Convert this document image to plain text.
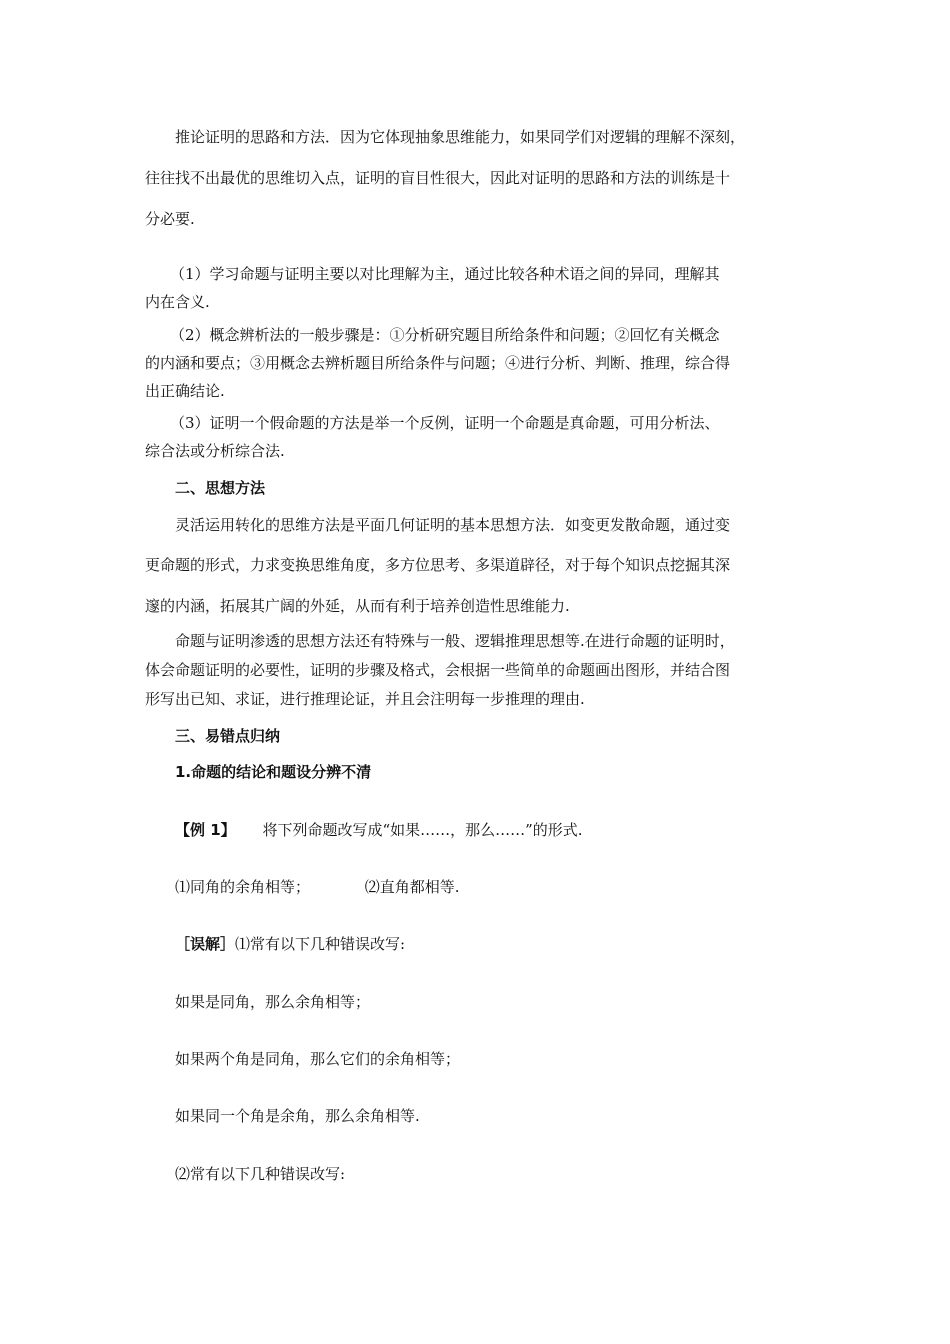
推论证明的思路和方法．因为它体现抽象思维能力，如果同学们对逻辑的理解不深刻，
往往找不出最优的思维切入点，证明的盲目性很大，因此对证明的思路和方法的训练是十
分必要.
（1）学习命题与证明主要以对比理解为主，通过比较各种术语之间的异同，理解其
内在含义.
（2）概念辨析法的一般步骤是：①分析研究题目所给条件和问题；②回忆有关概念
的内涵和要点；③用概念去辨析题目所给条件与问题；④进行分析、判断、推理，综合得
出正确结论.
（3）证明一个假命题的方法是举一个反例，证明一个命题是真命题，可用分析法、
综合法或分析综合法.
二、思想方法
灵活运用转化的思维方法是平面几何证明的基本思想方法．如变更发散命题，通过变
更命题的形式，力求变换思维角度，多方位思考、多渠道辟径，对于每个知识点挖掘其深
邃的内涵，拓展其广阔的外延，从而有利于培养创造性思维能力.
命题与证明渗透的思想方法还有特殊与一般、逻辑推理思想等.在进行命题的证明时，
体会命题证明的必要性，证明的步骤及格式，会根据一些简单的命题画出图形，并结合图
形写出已知、求证，进行推理论证，并且会注明每一步推理的理由.
三、易错点归纳
1.命题的结论和题设分辨不清
【例 1】 将下列命题改写成“如果……，那么……”的形式.
⑴同角的余角相等；	⑵直角都相等.
［误解］⑴常有以下几种错误改写:
如果是同角，那么余角相等；
如果两个角是同角，那么它们的余角相等；
如果同一个角是余角，那么余角相等.
⑵常有以下几种错误改写:
